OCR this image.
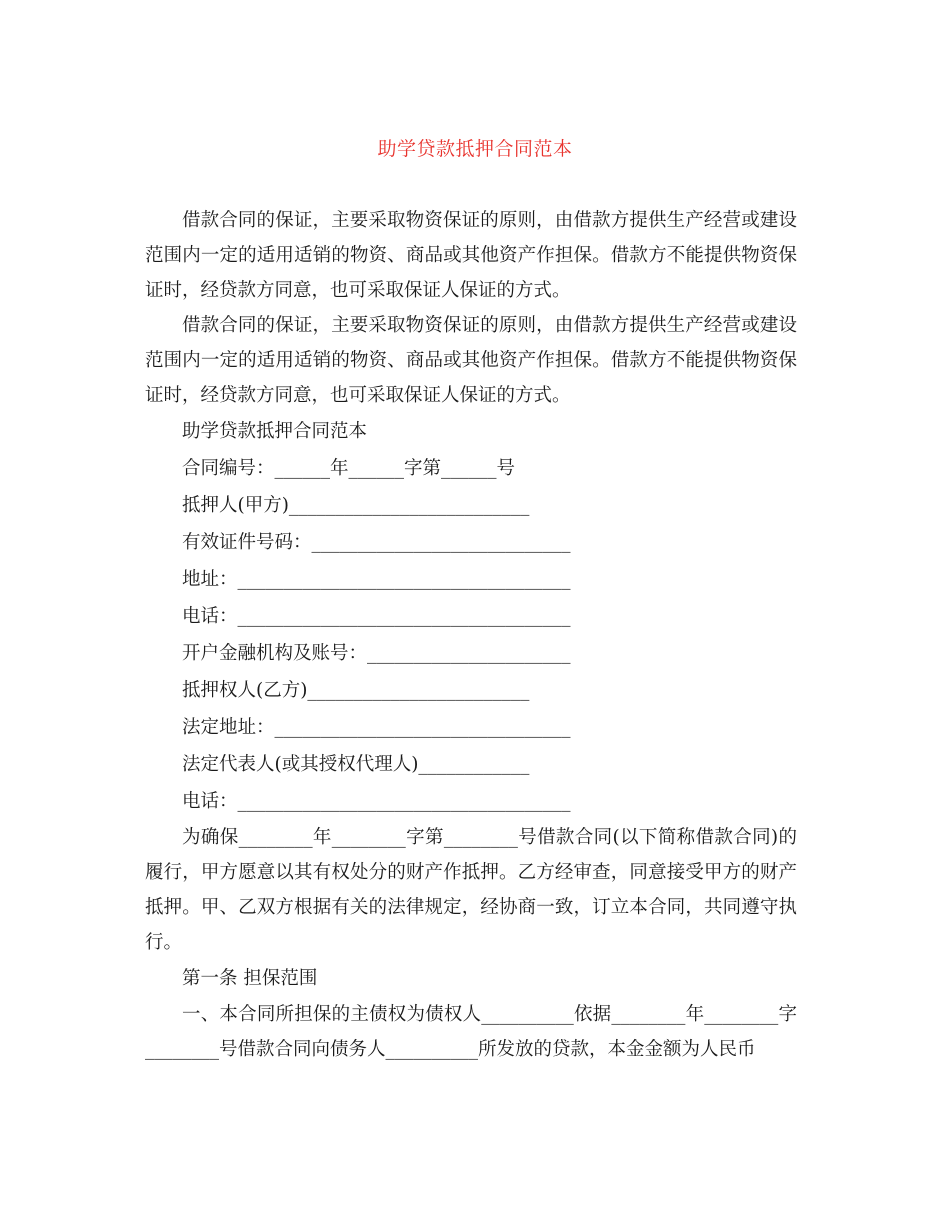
助学贷款抵押合同范本

借款合同的保证，主要采取物资保证的原则，由借款方提供生产经营或建设范围内一定的适用适销的物资、商品或其他资产作担保。借款方不能提供物资保证时，经贷款方同意，也可采取保证人保证的方式。

借款合同的保证，主要采取物资保证的原则，由借款方提供生产经营或建设范围内一定的适用适销的物资、商品或其他资产作担保。借款方不能提供物资保证时，经贷款方同意，也可采取保证人保证的方式。

助学贷款抵押合同范本

合同编号：______年______字第______号

抵押人(甲方)__________________________

有效证件号码：____________________________

地址：____________________________________

电话：____________________________________

开户金融机构及账号：______________________

抵押权人(乙方)________________________

法定地址：________________________________

法定代表人(或其授权代理人)____________

电话：____________________________________

为确保________年________字第________号借款合同(以下简称借款合同)的履行，甲方愿意以其有权处分的财产作抵押。乙方经审查，同意接受甲方的财产抵押。甲、乙双方根据有关的法律规定，经协商一致，订立本合同，共同遵守执行。

第一条 担保范围

一、本合同所担保的主债权为债权人__________依据________年________字________号借款合同向债务人__________所发放的贷款，本金金额为人民币
